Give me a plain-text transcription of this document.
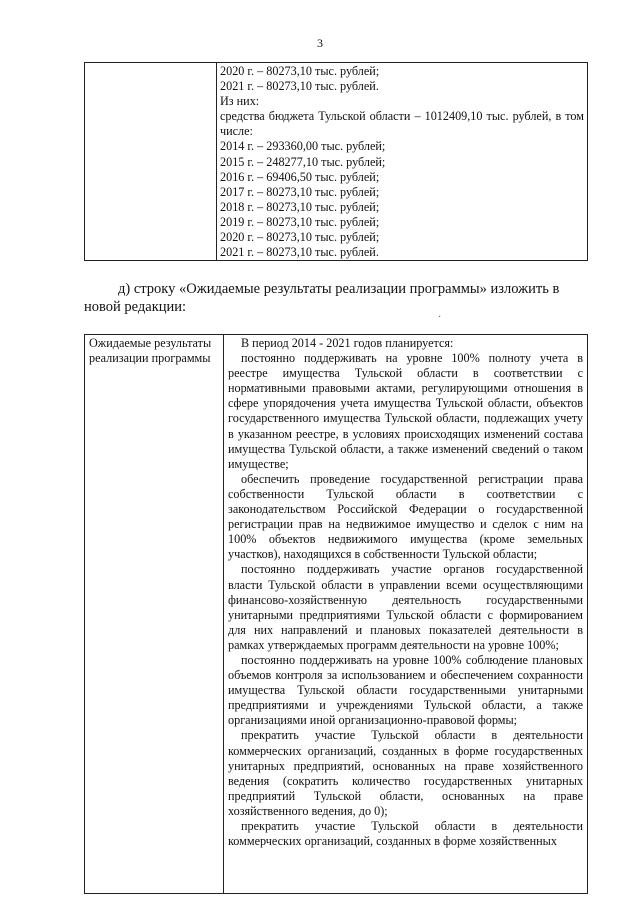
3

2020 г. – 80273,10 тыс. рублей;
2021 г. – 80273,10 тыс. рублей.
Из них:
средства бюджета Тульской области – 1012409,10 тыс. рублей, в том числе:
2014 г. – 293360,00 тыс. рублей;
2015 г. – 248277,10 тыс. рублей;
2016 г. – 69406,50 тыс. рублей;
2017 г. – 80273,10 тыс. рублей;
2018 г. – 80273,10 тыс. рублей;
2019 г. – 80273,10 тыс. рублей;
2020 г. – 80273,10 тыс. рублей;
2021 г. – 80273,10 тыс. рублей.
д) строку «Ожидаемые результаты реализации программы» изложить в
новой редакции:
·
Ожидаемые результаты реализации программы	
В период 2014 - 2021 годов планируется:
постоянно поддерживать на уровне 100% полноту учета в реестре имущества Тульской области в соответствии с нормативными правовыми актами, регулирующими отношения в сфере упорядочения учета имущества Тульской области, объектов государственного имущества Тульской области, подлежащих учету в указанном реестре, в условиях происходящих изменений состава имущества Тульской области, а также изменений сведений о таком имуществе;
обеспечить проведение государственной регистрации права собственности Тульской области в соответствии с законодательством Российской Федерации о государственной регистрации прав на недвижимое имущество и сделок с ним на 100% объектов недвижимого имущества (кроме земельных участков), находящихся в собственности Тульской области;
постоянно поддерживать участие органов государственной власти Тульской области в управлении всеми осуществляющими финансово-хозяйственную деятельность государственными унитарными предприятиями Тульской области с формированием для них направлений и плановых показателей деятельности в рамках утверждаемых программ деятельности на уровне 100%;
постоянно поддерживать на уровне 100% соблюдение плановых объемов контроля за использованием и обеспечением сохранности имущества Тульской области государственными унитарными предприятиями и учреждениями Тульской области, а также организациями иной организационно-правовой формы;
прекратить участие Тульской области в деятельности коммерческих организаций, созданных в форме государственных унитарных предприятий, основанных на праве хозяйственного ведения (сократить количество государственных унитарных предприятий Тульской области, основанных на праве хозяйственного ведения, до 0);
прекратить участие Тульской области в деятельности коммерческих организаций, созданных в форме хозяйственных
